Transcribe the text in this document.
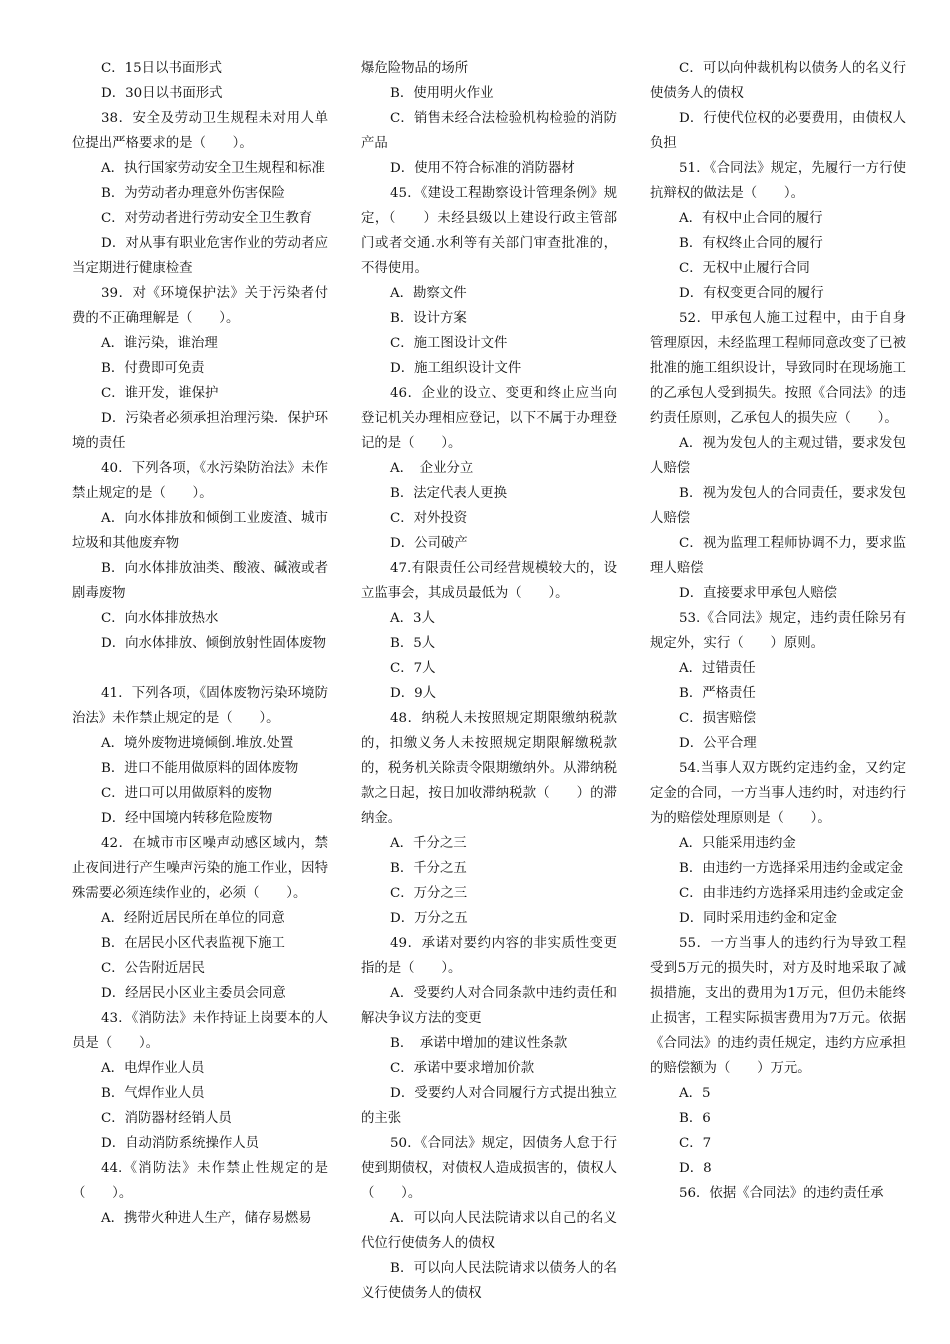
C．15日以书面形式

D．30日以书面形式

38．安全及劳动卫生规程未对用人单位提出严格要求的是（　　）。

A．执行国家劳动安全卫生规程和标准

B．为劳动者办理意外伤害保险

C．对劳动者进行劳动安全卫生教育

D．对从事有职业危害作业的劳动者应当定期进行健康检查

39．对《环境保护法》关于污染者付费的不正确理解是（　　）。

A．谁污染，谁治理

B．付费即可免责

C．谁开发，谁保护

D．污染者必须承担治理污染．保护环境的责任

40．下列各项，《水污染防治法》未作禁止规定的是（　　）。

A．向水体排放和倾倒工业废渣、城市垃圾和其他废弃物

B．向水体排放油类、酸液、碱液或者剧毒废物

C．向水体排放热水

D．向水体排放、倾倒放射性固体废物

41．下列各项，《固体废物污染环境防治法》未作禁止规定的是（　　）。

A．境外废物进境倾倒.堆放.处置

B．进口不能用做原料的固体废物

C．进口可以用做原料的废物

D．经中国境内转移危险废物

42．在城市市区噪声动感区域内，禁止夜间进行产生噪声污染的施工作业，因特殊需要必须连续作业的，必须（　　）。

A．经附近居民所在单位的同意

B．在居民小区代表监视下施工

C．公告附近居民

D．经居民小区业主委员会同意

43．《消防法》未作持证上岗要本的人员是（　　）。

A．电焊作业人员

B．气焊作业人员

C．消防器材经销人员

D．自动消防系统操作人员

44.《消防法》未作禁止性规定的是（　　）。

A．携带火种进人生产，储存易燃易

爆危险物品的场所

B．使用明火作业

C．销售未经合法检验机构检验的消防产品

D．使用不符合标准的消防器材

45．《建设工程勘察设计管理条例》规定，（　　）未经县级以上建设行政主管部门或者交通.水利等有关部门审查批准的，不得使用。

A．勘察文件

B．设计方案

C．施工图设计文件

D．施工组织设计文件

46．企业的设立、变更和终止应当向登记机关办理相应登记，以下不属于办理登记的是（　　）。

A．　企业分立

B．法定代表人更换

C．对外投资

D．公司破产

47.有限责任公司经营规模较大的，设立监事会，其成员最低为（　　）。

A．3人

B．5人

C．7人

D．9人

48．纳税人未按照规定期限缴纳税款的，扣缴义务人未按照规定期限解缴税款的，税务机关除责令限期缴纳外。从滞纳税款之日起，按日加收滞纳税款（　　）的滞纳金。

A．千分之三

B．千分之五

C．万分之三

D．万分之五

49．承诺对要约内容的非实质性变更指的是（　　）。

A．受要约人对合同条款中违约责任和解决争议方法的变更

B．　承诺中增加的建议性条款

C．承诺中要求增加价款

D．受要约人对合同履行方式提出独立的主张

50．《合同法》规定，因债务人怠于行使到期债权，对债权人造成损害的，债权人（　　）。

A．可以向人民法院请求以自己的名义代位行使债务人的债权

B．可以向人民法院请求以债务人的名义行使债务人的债权

C．可以向仲裁机构以债务人的名义行使债务人的债权

D．行使代位权的必要费用，由债权人负担

51．《合同法》规定，先履行一方行使抗辩权的做法是（　　）。

A．有权中止合同的履行

B．有权终止合同的履行

C．无权中止履行合同

D．有权变更合同的履行

52．甲承包人施工过程中，由于自身管理原因，未经监理工程师同意改变了已被批准的施工组织设计，导致同时在现场施工的乙承包人受到损失。按照《合同法》的违约责任原则，乙承包人的损失应（　　）。

A．视为发包人的主观过错，要求发包人赔偿

B．视为发包人的合同责任，要求发包人赔偿

C．视为监理工程师协调不力，要求监理人赔偿

D．直接要求甲承包人赔偿

53.《合同法》规定，违约责任除另有规定外，实行（　　）原则。

A．过错责任

B．严格责任

C．损害赔偿

D．公平合理

54.当事人双方既约定违约金，又约定定金的合同，一方当事人违约时，对违约行为的赔偿处理原则是（　　）。

A．只能采用违约金

B．由违约一方选择采用违约金或定金

C．由非违约方选择采用违约金或定金

D．同时采用违约金和定金

55．一方当事人的违约行为导致工程受到5万元的损失时，对方及时地采取了减损措施，支出的费用为1万元，但仍未能终止损害，工程实际损害费用为7万元。依据《合同法》的违约责任规定，违约方应承担的赔偿额为（　　）万元。

A．5

B．6

C．7

D．8

56．依据《合同法》的违约责任承
